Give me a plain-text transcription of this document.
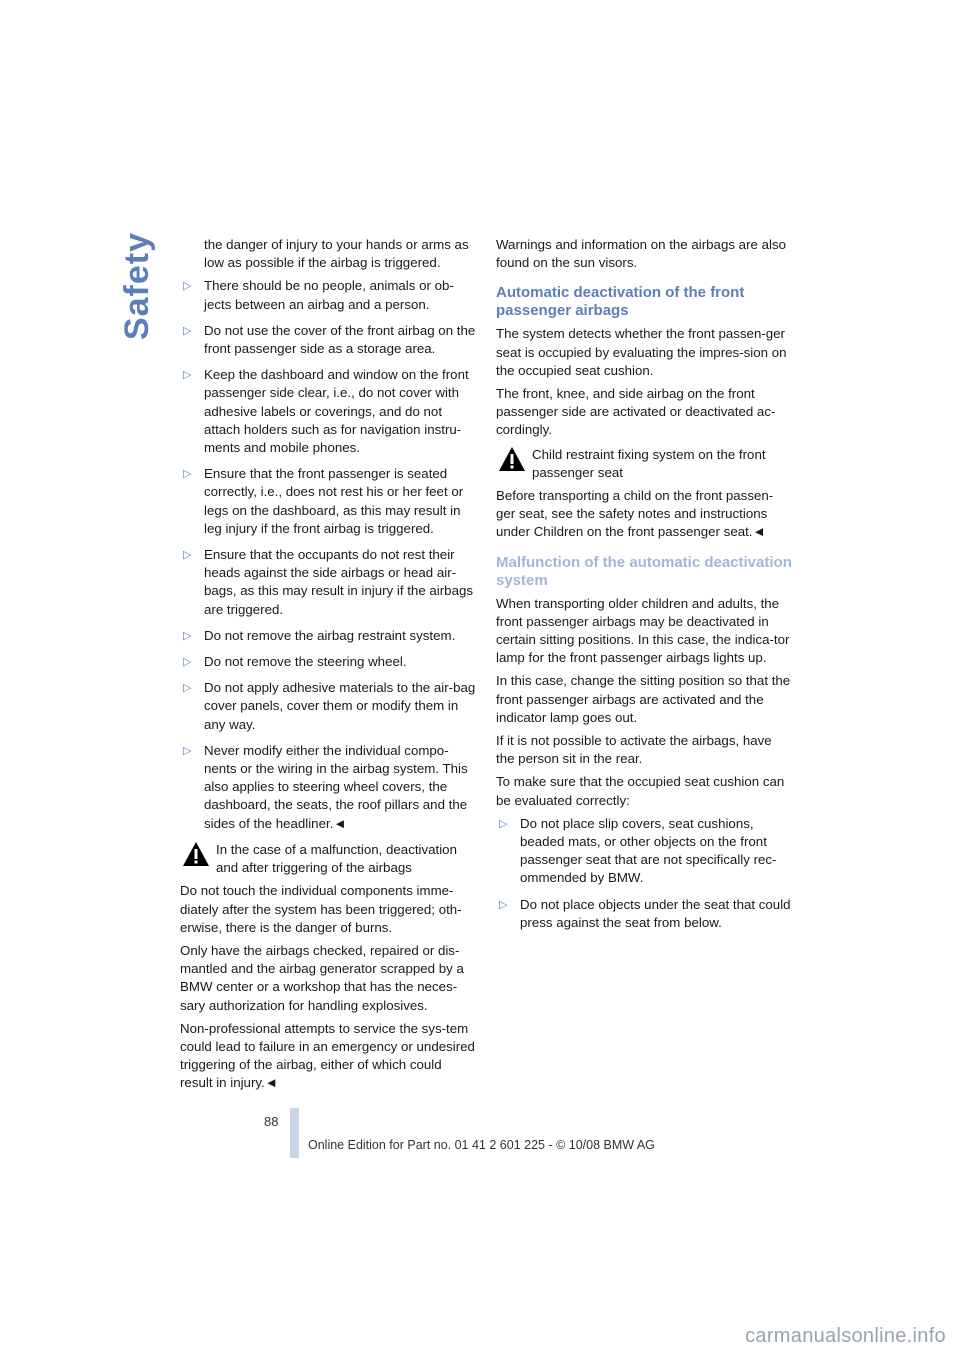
Safety	the danger of injury to your hands or arms as low as possible if the airbag is triggered.

▷ There should be no people, animals or ob-jects between an airbag and a person.
▷ Do not use the cover of the front airbag on the front passenger side as a storage area.
▷ Keep the dashboard and window on the front passenger side clear, i.e., do not cover with adhesive labels or coverings, and do not attach holders such as for navigation instru-ments and mobile phones.
▷ Ensure that the front passenger is seated correctly, i.e., does not rest his or her feet or legs on the dashboard, as this may result in leg injury if the front airbag is triggered.
▷ Ensure that the occupants do not rest their heads against the side airbags or head air-bags, as this may result in injury if the airbags are triggered.
▷ Do not remove the airbag restraint system.
▷ Do not remove the steering wheel.
▷ Do not apply adhesive materials to the air-bag cover panels, cover them or modify them in any way.
▷ Never modify either the individual compo-nents or the wiring in the airbag system. This also applies to steering wheel covers, the dashboard, the seats, the roof pillars and the sides of the headliner.◄
In the case of a malfunction, deactivation and after triggering of the airbags

Do not touch the individual components imme-diately after the system has been triggered; oth-erwise, there is the danger of burns.

Only have the airbags checked, repaired or dis-mantled and the airbag generator scrapped by a BMW center or a workshop that has the neces-sary authorization for handling explosives.

Non-professional attempts to service the sys-tem could lead to failure in an emergency or undesired triggering of the airbag, either of which could result in injury.◄

Warnings and information on the airbags are also found on the sun visors.

Automatic deactivation of the front passenger airbags

The system detects whether the front passen-ger seat is occupied by evaluating the impres-sion on the occupied seat cushion.

The front, knee, and side airbag on the front passenger side are activated or deactivated ac-cordingly.

Child restraint fixing system on the front passenger seat

Before transporting a child on the front passen-ger seat, see the safety notes and instructions under Children on the front passenger seat.◄

Malfunction of the automatic deactivation system

When transporting older children and adults, the front passenger airbags may be deactivated in certain sitting positions. In this case, the indica-tor lamp for the front passenger airbags lights up.

In this case, change the sitting position so that the front passenger airbags are activated and the indicator lamp goes out.

If it is not possible to activate the airbags, have the person sit in the rear.

To make sure that the occupied seat cushion can be evaluated correctly:

▷ Do not place slip covers, seat cushions, beaded mats, or other objects on the front passenger seat that are not specifically rec-ommended by BMW.
▷ Do not place objects under the seat that could press against the seat from below.
88
Online Edition for Part no. 01 41 2 601 225 - © 10/08 BMW AG
carmanualsonline.info
